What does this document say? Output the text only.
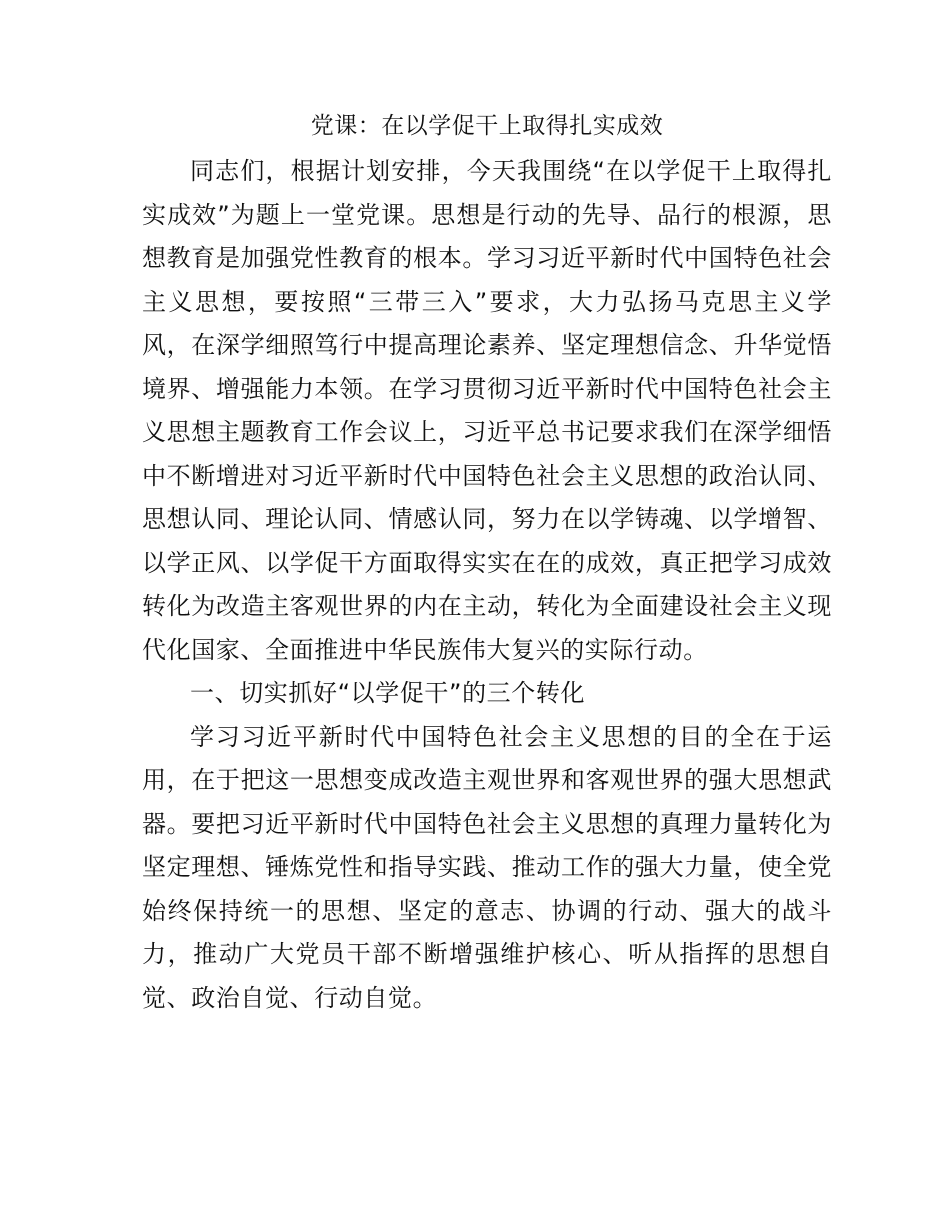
党课：在以学促干上取得扎实成效

同志们，根据计划安排，今天我围绕“在以学促干上取得扎实成效”为题上一堂党课。思想是行动的先导、品行的根源，思想教育是加强党性教育的根本。学习习近平新时代中国特色社会主义思想，要按照“三带三入”要求，大力弘扬马克思主义学风，在深学细照笃行中提高理论素养、坚定理想信念、升华觉悟境界、增强能力本领。在学习贯彻习近平新时代中国特色社会主义思想主题教育工作会议上，习近平总书记要求我们在深学细悟中不断增进对习近平新时代中国特色社会主义思想的政治认同、思想认同、理论认同、情感认同，努力在以学铸魂、以学增智、以学正风、以学促干方面取得实实在在的成效，真正把学习成效转化为改造主客观世界的内在主动，转化为全面建设社会主义现代化国家、全面推进中华民族伟大复兴的实际行动。

一、切实抓好“以学促干”的三个转化

学习习近平新时代中国特色社会主义思想的目的全在于运用，在于把这一思想变成改造主观世界和客观世界的强大思想武器。要把习近平新时代中国特色社会主义思想的真理力量转化为坚定理想、锤炼党性和指导实践、推动工作的强大力量，使全党始终保持统一的思想、坚定的意志、协调的行动、强大的战斗力，推动广大党员干部不断增强维护核心、听从指挥的思想自觉、政治自觉、行动自觉。
